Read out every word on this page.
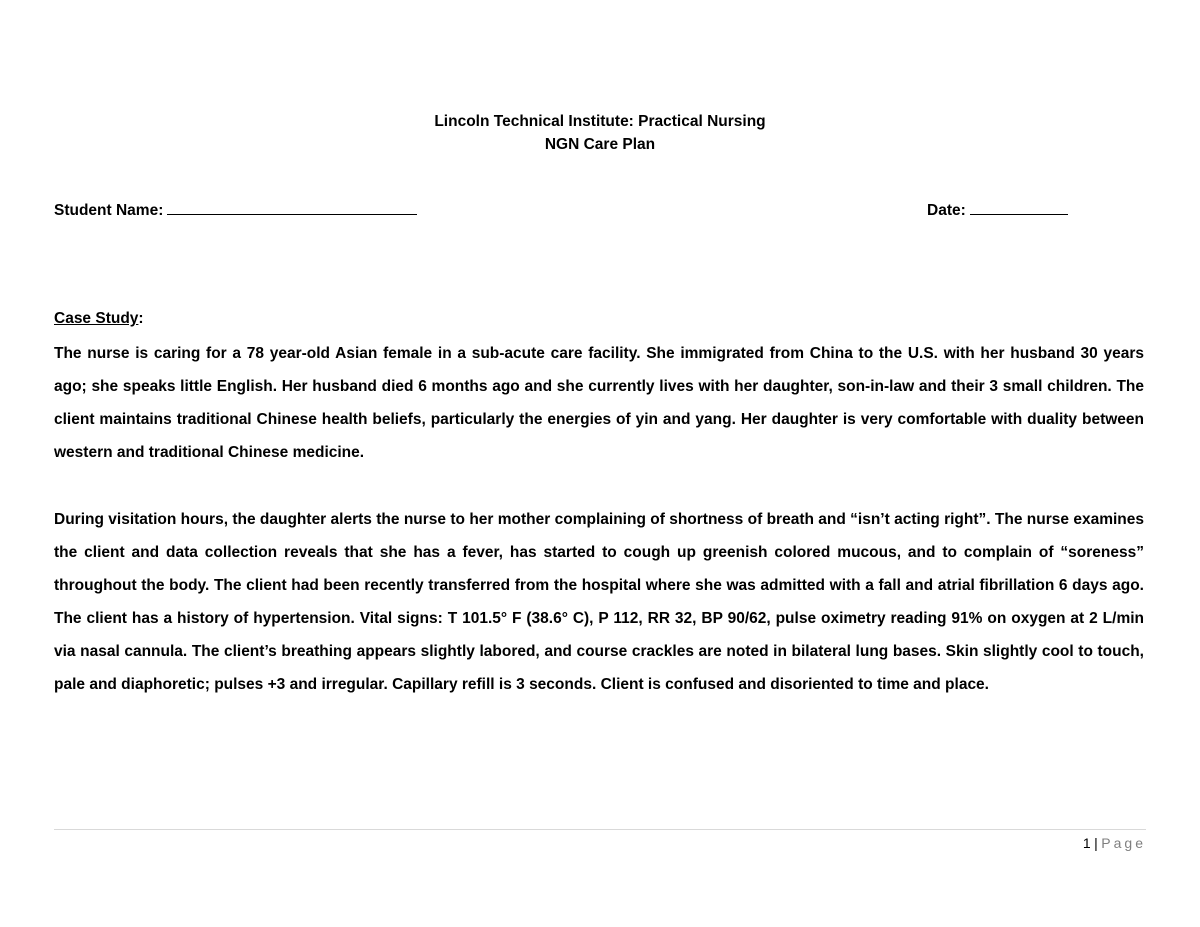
Lincoln Technical Institute: Practical Nursing
NGN Care Plan
Student Name:	Date:
Case Study:
The nurse is caring for a 78 year-old Asian female in a sub-acute care facility. She immigrated from China to the U.S. with her husband 30 years ago; she speaks little English. Her husband died 6 months ago and she currently lives with her daughter, son-in-law and their 3 small children. The client maintains traditional Chinese health beliefs, particularly the energies of yin and yang. Her daughter is very comfortable with duality between western and traditional Chinese medicine.
During visitation hours, the daughter alerts the nurse to her mother complaining of shortness of breath and “isn’t acting right”. The nurse examines the client and data collection reveals that she has a fever, has started to cough up greenish colored mucous, and to complain of “soreness” throughout the body. The client had been recently transferred from the hospital where she was admitted with a fall and atrial fibrillation 6 days ago. The client has a history of hypertension. Vital signs: T 101.5° F (38.6° C), P 112, RR 32, BP 90/62, pulse oximetry reading 91% on oxygen at 2 L/min via nasal cannula. The client’s breathing appears slightly labored, and course crackles are noted in bilateral lung bases. Skin slightly cool to touch, pale and diaphoretic; pulses +3 and irregular. Capillary refill is 3 seconds. Client is confused and disoriented to time and place.
1 | Page
